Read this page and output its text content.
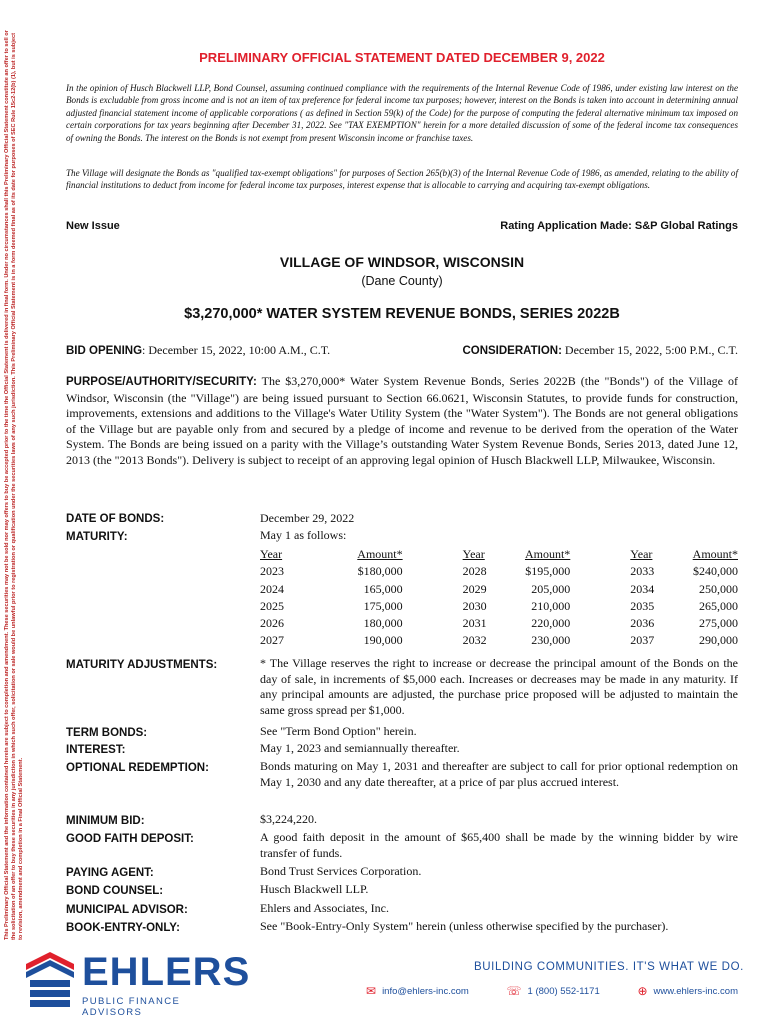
This Preliminary Official Statement and the information contained herein are subject to completion and amendment. These securities may not be sold nor may offers to buy be accepted prior to the time the Official Statement is delivered in final form. Under no circumstances shall this Preliminary Official Statement constitute an offer to sell or the solicitation of an offer to buy these securities in any jurisdiction in which such offer, solicitation or sale would be unlawful prior to registration or qualification under the securities laws of any such jurisdiction. This Preliminary Official Statement is in a form deemed final as of its date for purposes of SEC Rule 15c2-12(b) (1), but is subject to revision, amendment and completion in a Final Official Statement.
PRELIMINARY OFFICIAL STATEMENT DATED DECEMBER 9, 2022
In the opinion of Husch Blackwell LLP, Bond Counsel, assuming continued compliance with the requirements of the Internal Revenue Code of 1986, under existing law interest on the Bonds is excludable from gross income and is not an item of tax preference for federal income tax purposes; however, interest on the Bonds is taken into account in determining annual adjusted financial statement income of applicable corporations ( as defined in Section 59(k) of the Code) for the purpose of computing the federal alternative minimum tax imposed on certain corporations for tax years beginning after December 31, 2022. See "TAX EXEMPTION" herein for a more detailed discussion of some of the federal income tax consequences of owning the Bonds. The interest on the Bonds is not exempt from present Wisconsin income or franchise taxes.
The Village will designate the Bonds as "qualified tax-exempt obligations" for purposes of Section 265(b)(3) of the Internal Revenue Code of 1986, as amended, relating to the ability of financial institutions to deduct from income for federal income tax purposes, interest expense that is allocable to carrying and acquiring tax-exempt obligations.
New Issue	Rating Application Made: S&P Global Ratings
VILLAGE OF WINDSOR, WISCONSIN
(Dane County)
$3,270,000* WATER SYSTEM REVENUE BONDS, SERIES 2022B
BID OPENING: December 15, 2022, 10:00 A.M., C.T.	CONSIDERATION: December 15, 2022, 5:00 P.M., C.T.
PURPOSE/AUTHORITY/SECURITY: The $3,270,000* Water System Revenue Bonds, Series 2022B (the "Bonds") of the Village of Windsor, Wisconsin (the "Village") are being issued pursuant to Section 66.0621, Wisconsin Statutes, to provide funds for construction, improvements, extensions and additions to the Village's Water Utility System (the "Water System"). The Bonds are not general obligations of the Village but are payable only from and secured by a pledge of income and revenue to be derived from the operation of the Water System. The Bonds are being issued on a parity with the Village’s outstanding Water System Revenue Bonds, Series 2013, dated June 12, 2013 (the "2013 Bonds"). Delivery is subject to receipt of an approving legal opinion of Husch Blackwell LLP, Milwaukee, Wisconsin.
DATE OF BONDS:	December 29, 2022
MATURITY:	May 1 as follows:
Year	Amount*	Year	Amount*	Year	Amount*
2023	$180,000	2028	$195,000	2033	$240,000
2024	165,000	2029	205,000	2034	250,000
2025	175,000	2030	210,000	2035	265,000
2026	180,000	2031	220,000	2036	275,000
2027	190,000	2032	230,000	2037	290,000
MATURITY ADJUSTMENTS:	* The Village reserves the right to increase or decrease the principal amount of the Bonds on the day of sale, in increments of $5,000 each. Increases or decreases may be made in any maturity. If any principal amounts are adjusted, the purchase price proposed will be adjusted to maintain the same gross spread per $1,000.
TERM BONDS:	See "Term Bond Option" herein.
INTEREST:	May 1, 2023 and semiannually thereafter.
OPTIONAL REDEMPTION:	Bonds maturing on May 1, 2031 and thereafter are subject to call for prior optional redemption on May 1, 2030 and any date thereafter, at a price of par plus accrued interest.
MINIMUM BID:	$3,224,220.
GOOD FAITH DEPOSIT:	A good faith deposit in the amount of $65,400 shall be made by the winning bidder by wire transfer of funds.
PAYING AGENT:	Bond Trust Services Corporation.
BOND COUNSEL:	Husch Blackwell LLP.
MUNICIPAL ADVISOR:	Ehlers and Associates, Inc.
BOOK-ENTRY-ONLY:	See "Book-Entry-Only System" herein (unless otherwise specified by the purchaser).
EHLERS
PUBLIC FINANCE ADVISORS
BUILDING COMMUNITIES. IT'S WHAT WE DO.
✉ info@ehlers-inc.com	☏ 1 (800) 552-1171	⊕ www.ehlers-inc.com
